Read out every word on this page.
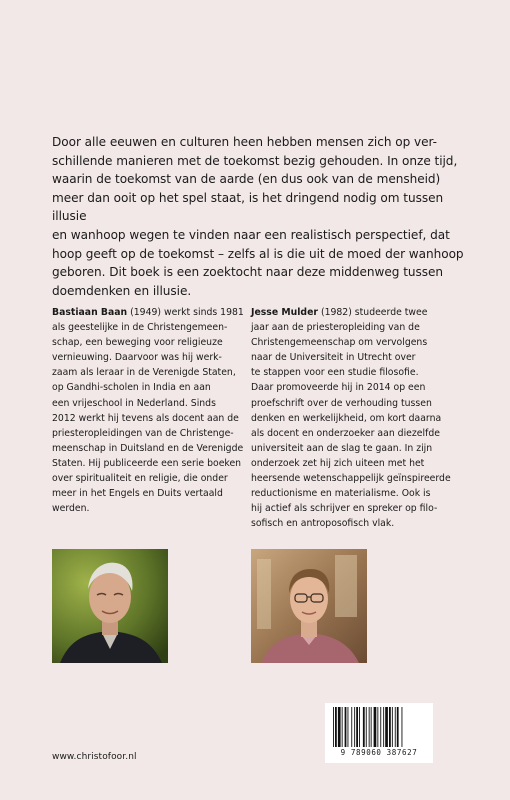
Door alle eeuwen en culturen heen hebben mensen zich op ver-

schillende manieren met de toekomst bezig gehouden. In onze tijd,

waarin de toekomst van de aarde (en dus ook van de mensheid)

meer dan ooit op het spel staat, is het dringend nodig om tussen illusie

en wanhoop wegen te vinden naar een realistisch perspectief, dat

hoop geeft op de toekomst – zelfs al is die uit de moed der wanhoop

geboren. Dit boek is een zoektocht naar deze middenweg tussen

doemdenken en illusie.

Bastiaan Baan (1949) werkt sinds 1981
als geestelijke in de Christengemeen-
schap, een beweging voor religieuze
vernieuwing. Daarvoor was hij werk-
zaam als leraar in de Verenigde Staten,
op Gandhi-scholen in India en aan
een vrijeschool in Nederland. Sinds
2012 werkt hij tevens als docent aan de
priesteropleidingen van de Christenge-
meenschap in Duitsland en de Verenigde
Staten. Hij publiceerde een serie boeken
over spiritualiteit en religie, die onder
meer in het Engels en Duits vertaald
werden.
Jesse Mulder (1982) studeerde twee
jaar aan de priesteropleiding van de
Christengemeenschap om vervolgens
naar de Universiteit in Utrecht over
te stappen voor een studie filosofie.
Daar promoveerde hij in 2014 op een
proefschrift over de verhouding tussen
denken en werkelijkheid, om kort daarna
als docent en onderzoeker aan diezelfde
universiteit aan de slag te gaan. In zijn
onderzoek zet hij zich uiteen met het
heersende wetenschappelijk geïnspireerde
reductionisme en materialisme. Ook is
hij actief als schrijver en spreker op filo-
sofisch en antroposofisch vlak.
www.christofoor.nl	9 789060 387627
